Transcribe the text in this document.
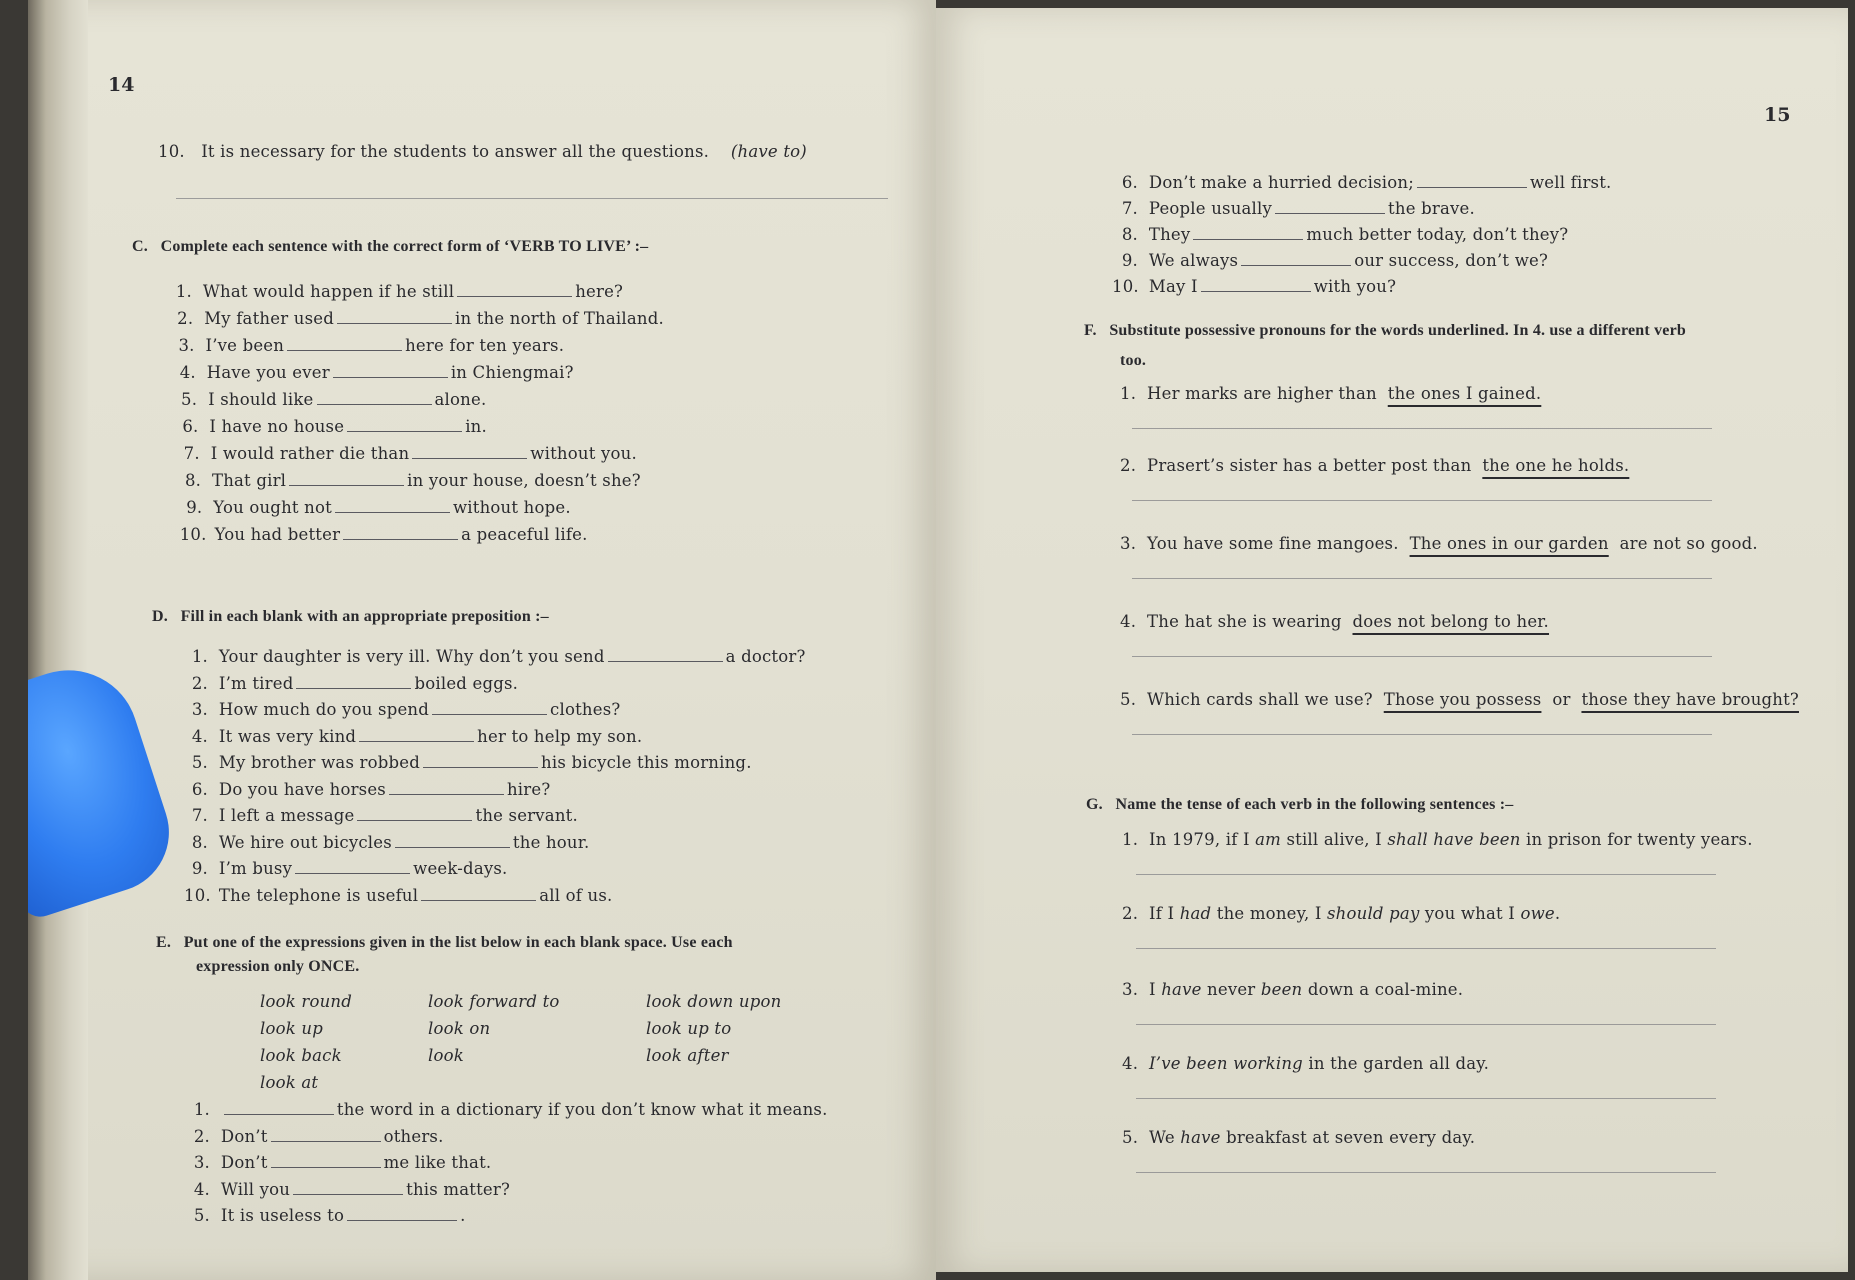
14
10. It is necessary for the students to answer all the questions. (have to)
C. Complete each sentence with the correct form of ‘VERB TO LIVE’ :–
1. What would happen if he still	here?
2. My father used	in the north of Thailand.
3. I’ve been	here for ten years.
4. Have you ever	in Chiengmai?
5. I should like	alone.
6. I have no house	in.
7. I would rather die than	without you.
8. That girl	in your house, doesn’t she?
9. You ought not	without hope.
10. You had better	a peaceful life.
D. Fill in each blank with an appropriate preposition :–
1. Your daughter is very ill. Why don’t you send	a doctor?
2. I’m tired	boiled eggs.
3. How much do you spend	clothes?
4. It was very kind	her to help my son.
5. My brother was robbed	his bicycle this morning.
6. Do you have horses	hire?
7. I left a message	the servant.
8. We hire out bicycles	the hour.
9. I’m busy	week-days.
10. The telephone is useful	all of us.
E. Put one of the expressions given in the list below in each blank space. Use each
expression only ONCE.
look round	look forward to	look down upon
look up	look on	look up to
look back	look	look after
look at
1.	the word in a dictionary if you don’t know what it means.
2. Don’t	others.
3. Don’t	me like that.
4. Will you	this matter?
5. It is useless to	.
15
6. Don’t make a hurried decision;	well first.
7. People usually	the brave.
8. They	much better today, don’t they?
9. We always	our success, don’t we?
10. May I	with you?
F. Substitute possessive pronouns for the words underlined. In 4. use a different verb
too.
1. Her marks are higher than the ones I gained.
2. Prasert’s sister has a better post than the one he holds.
3. You have some fine mangoes. The ones in our garden are not so good.
4. The hat she is wearing does not belong to her.
5. Which cards shall we use? Those you possess or those they have brought?
G. Name the tense of each verb in the following sentences :–
1. In 1979, if I am still alive, I shall have been in prison for twenty years.
2. If I had the money, I should pay you what I owe.
3. I have never been down a coal-mine.
4. I’ve been working in the garden all day.
5. We have breakfast at seven every day.
